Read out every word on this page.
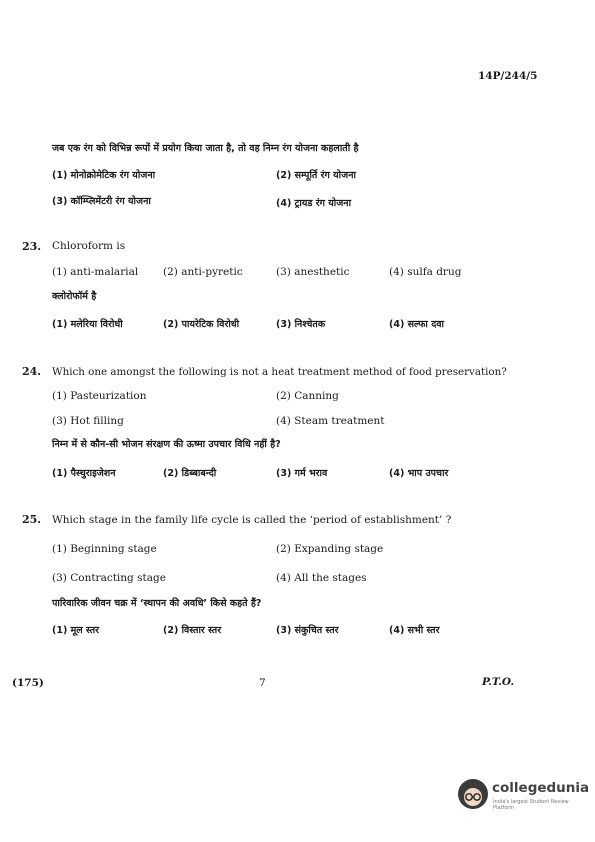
14P/244/5
जब एक रंग को विभिन्न रूपों में प्रयोग किया जाता है, तो वह निम्न रंग योजना कहलाती है
(1) मोनोक्रोमेटिक रंग योजना	(2) सम्पूर्ति रंग योजना
(3) कॉम्प्लिमेंटरी रंग योजना	(4) ट्रायड रंग योजना
23. Chloroform is
(1) anti-malarial (2) anti-pyretic	(3) anesthetic	(4) sulfa drug
क्लोरोफॉर्म है
(1) मलेरिया विरोधी	(2) पायरेटिक विरोधी	(3) निश्चेतक	(4) सल्फा दवा
24. Which one amongst the following is not a heat treatment method of food preservation?
(1) Pasteurization	(2) Canning
(3) Hot filling	(4) Steam treatment
निम्न में से कौन-सी भोजन संरक्षण की ऊष्मा उपचार विधि नहीं है?
(1) पैस्चुराइजेशन	(2) डिब्बाबन्दी	(3) गर्म भराव	(4) भाप उपचार
25. Which stage in the family life cycle is called the ‘period of establishment’ ?
(1) Beginning stage	(2) Expanding stage
(3) Contracting stage	(4) All the stages
पारिवारिक जीवन चक्र में ‘स्थापन की अवधि’ किसे कहते हैं?
(1) मूल स्तर	(2) विस्तार स्तर	(3) संकुचित स्तर	(4) सभी स्तर
(175)	7	P.T.O.
collegedunia
India's largest Student Review Platform
